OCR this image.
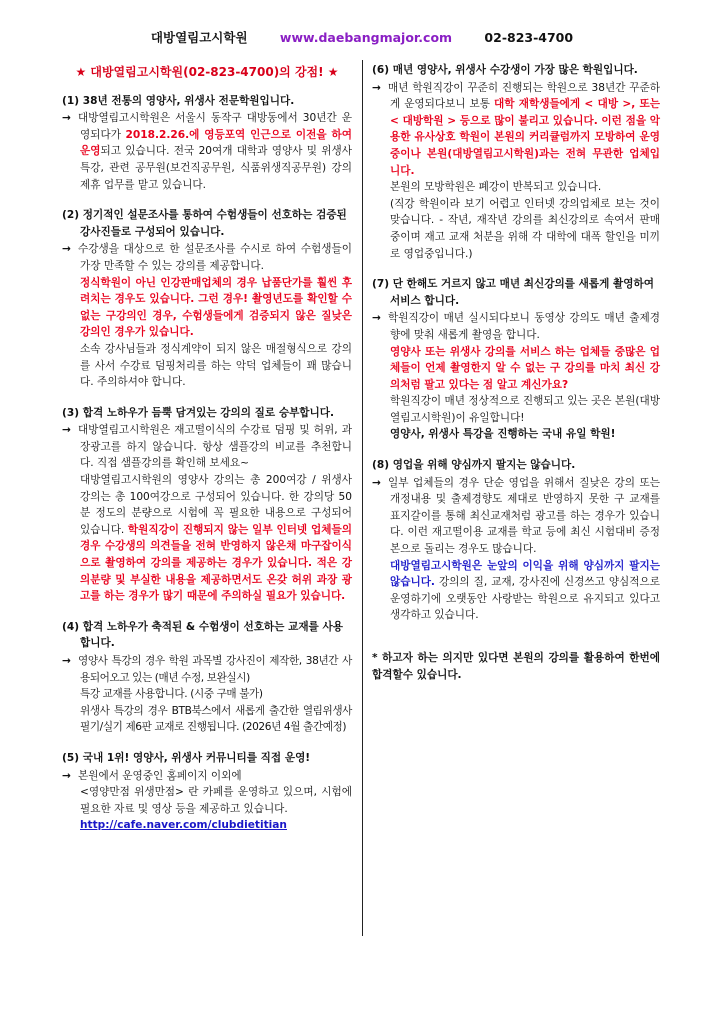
대방열림고시학원	www.daebangmajor.com	02-823-4700
★ 대방열림고시학원(02-823-4700)의 강점! ★
(1) 38년 전통의 영양사, 위생사 전문학원입니다.
→ 대방열림고시학원은 서울시 동작구 대방동에서 30년간 운영되다가 2018.2.26.에 영등포역 인근으로 이전을 하여 운영되고 있습니다. 전국 20여개 대학과 영양사 및 위생사 특강, 관련 공무원(보건직공무원, 식품위생직공무원) 강의제휴 업무를 맡고 있습니다.
(2) 정기적인 설문조사를 통하여 수험생들이 선호하는 검증된 강사진들로 구성되어 있습니다.
→ 수강생을 대상으로 한 설문조사를 수시로 하여 수험생들이 가장 만족할 수 있는 강의를 제공합니다.
정식학원이 아닌 인강판매업체의 경우 납품단가를 훨씬 후려치는 경우도 있습니다. 그런 경우! 촬영년도를 확인할 수 없는 구강의인 경우, 수험생들에게 검증되지 않은 질낮은 강의인 경우가 있습니다.
소속 강사님들과 정식계약이 되지 않은 매절형식으로 강의를 사서 수강료 덤핑처리를 하는 악덕 업체들이 꽤 많습니다. 주의하셔야 합니다.
(3) 합격 노하우가 듬뿍 담겨있는 강의의 질로 승부합니다.
→ 대방열림고시학원은 재고떨이식의 수강료 덤핑 및 허위, 과장광고를 하지 않습니다. 항상 샘플강의 비교를 추천합니다. 직접 샘플강의를 확인해 보세요~
대방열림고시학원의 영양사 강의는 총 200여강 / 위생사 강의는 총 100여강으로 구성되어 있습니다. 한 강의당 50분 정도의 분량으로 시험에 꼭 필요한 내용으로 구성되어 있습니다. 학원직강이 진행되지 않는 일부 인터넷 업체들의 경우 수강생의 의견들을 전혀 반영하지 않은채 마구잡이식으로 촬영하여 강의를 제공하는 경우가 있습니다. 적은 강의분량 및 부실한 내용을 제공하면서도 온갖 허위 과장 광고를 하는 경우가 많기 때문에 주의하실 필요가 있습니다.
(4) 합격 노하우가 축적된 & 수험생이 선호하는 교재를 사용합니다.
→ 영양사 특강의 경우 학원 과목별 강사진이 제작한, 38년간 사용되어오고 있는 (매년 수정, 보완실시)
특강 교재를 사용합니다. (시중 구매 불가)
위생사 특강의 경우 BTB북스에서 새롭게 출간한 열림위생사 필기/실기 제6판 교재로 진행됩니다. (2026년 4월 출간예정)
(5) 국내 1위! 영양사, 위생사 커뮤니티를 직접 운영!
→ 본원에서 운영중인 홈페이지 이외에
<영양만점 위생만점> 란 카페를 운영하고 있으며, 시험에 필요한 자료 및 영상 등을 제공하고 있습니다.
http://cafe.naver.com/clubdietitian
(6) 매년 영양사, 위생사 수강생이 가장 많은 학원입니다.
→ 매년 학원직강이 꾸준히 진행되는 학원으로 38년간 꾸준하게 운영되다보니 보통 대학 재학생들에게 < 대방 >, 또는 < 대방학원 > 등으로 많이 불리고 있습니다. 이런 점을 악용한 유사상호 학원이 본원의 커리큘럼까지 모방하여 운영중이나 본원(대방열림고시학원)과는 전혀 무관한 업체입니다.
본원의 모방학원은 폐강이 반복되고 있습니다.
(직강 학원이라 보기 어렵고 인터넷 강의업체로 보는 것이 맞습니다. - 작년, 재작년 강의를 최신강의로 속여서 판매 중이며 재고 교재 처분을 위해 각 대학에 대폭 할인을 미끼로 영업중입니다.)
(7) 단 한해도 거르지 않고 매년 최신강의를 새롭게 촬영하여 서비스 합니다.
→ 학원직강이 매년 실시되다보니 동영상 강의도 매년 출제경향에 맞춰 새롭게 촬영을 합니다.
영양사 또는 위생사 강의를 서비스 하는 업체들 중많은 업체들이 언제 촬영한지 알 수 없는 구 강의를 마치 최신 강의처럼 팔고 있다는 점 알고 계신가요?
학원직강이 매년 정상적으로 진행되고 있는 곳은 본원(대방열림고시학원)이 유일합니다!
영양사, 위생사 특강을 진행하는 국내 유일 학원!
(8) 영업을 위해 양심까지 팔지는 않습니다.
→ 일부 업체들의 경우 단순 영업을 위해서 질낮은 강의 또는 개정내용 및 출제경향도 제대로 반영하지 못한 구 교재를 표지갈이를 통해 최신교재처럼 광고를 하는 경우가 있습니다. 이런 재고떨이용 교재를 학교 등에 최신 시험대비 증정본으로 돌리는 경우도 많습니다.
대방열림고시학원은 눈앞의 이익을 위해 양심까지 팔지는 않습니다. 강의의 질, 교재, 강사진에 신경쓰고 양심적으로 운영하기에 오랫동안 사랑받는 학원으로 유지되고 있다고 생각하고 있습니다.
* 하고자 하는 의지만 있다면 본원의 강의를 활용하여 한번에 합격할수 있습니다.
